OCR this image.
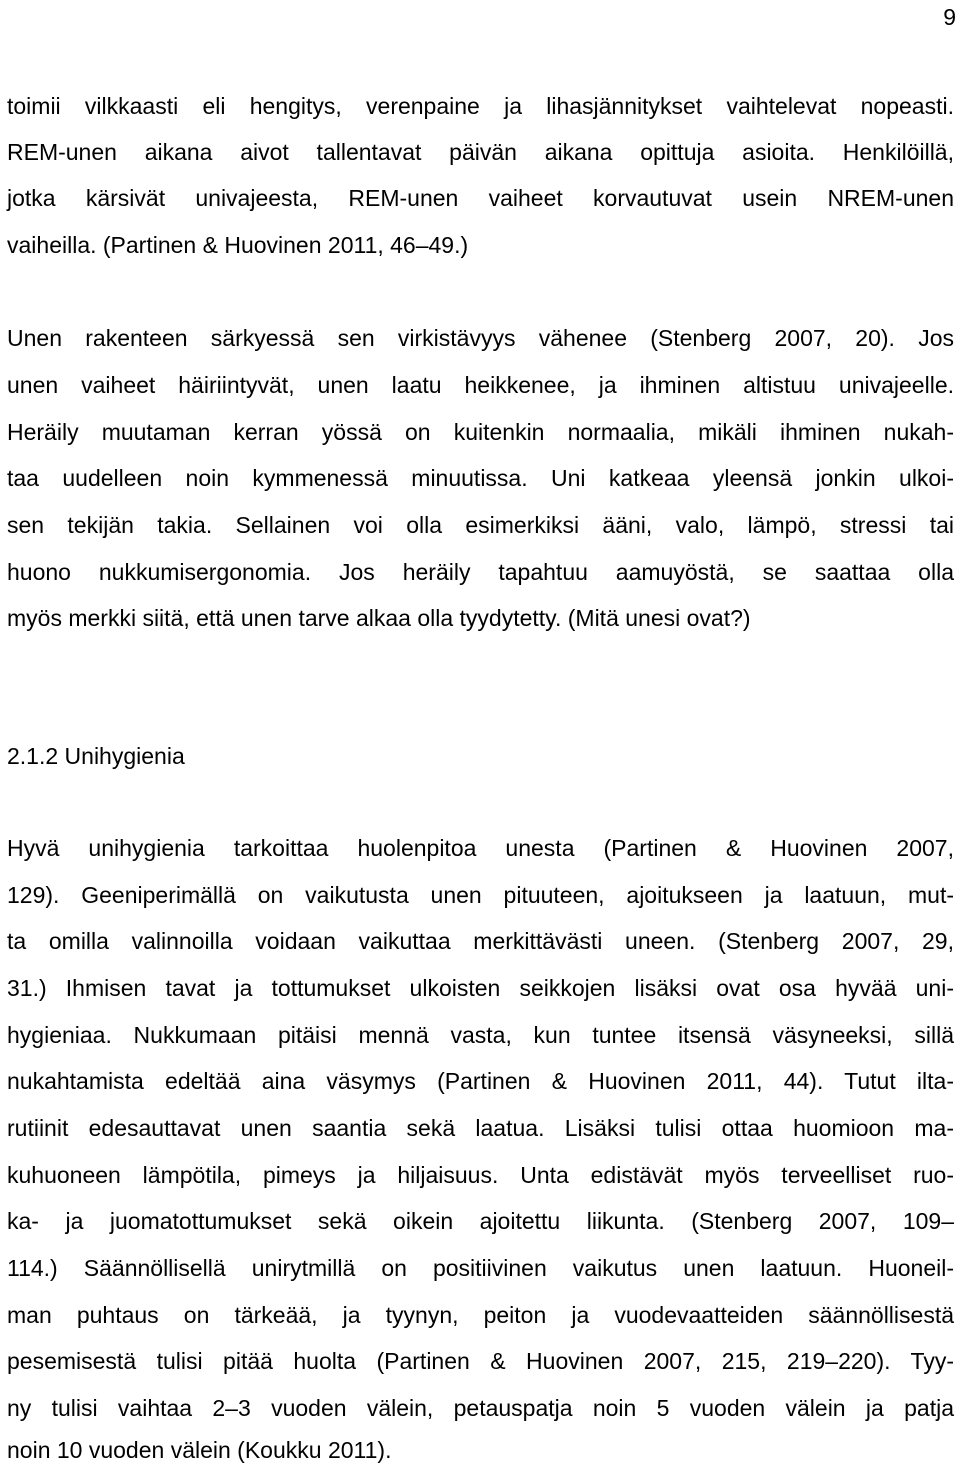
9
toimii vilkkaasti eli hengitys, verenpaine ja lihasjännitykset vaihtelevat nopeasti.
REM-unen aikana aivot tallentavat päivän aikana opittuja asioita. Henkilöillä,
jotka kärsivät univajeesta, REM-unen vaiheet korvautuvat usein NREM-unen
vaiheilla. (Partinen & Huovinen 2011, 46–49.)
Unen rakenteen särkyessä sen virkistävyys vähenee (Stenberg 2007, 20). Jos
unen vaiheet häiriintyvät, unen laatu heikkenee, ja ihminen altistuu univajeelle.
Heräily muutaman kerran yössä on kuitenkin normaalia, mikäli ihminen nukah-
taa uudelleen noin kymmenessä minuutissa. Uni katkeaa yleensä jonkin ulkoi-
sen tekijän takia. Sellainen voi olla esimerkiksi ääni, valo, lämpö, stressi tai
huono nukkumisergonomia. Jos heräily tapahtuu aamuyöstä, se saattaa olla
myös merkki siitä, että unen tarve alkaa olla tyydytetty. (Mitä unesi ovat?)
2.1.2 Unihygienia
Hyvä unihygienia tarkoittaa huolenpitoa unesta (Partinen & Huovinen 2007,
129). Geeniperimällä on vaikutusta unen pituuteen, ajoitukseen ja laatuun, mut-
ta omilla valinnoilla voidaan vaikuttaa merkittävästi uneen. (Stenberg 2007, 29,
31.) Ihmisen tavat ja tottumukset ulkoisten seikkojen lisäksi ovat osa hyvää uni-
hygieniaa. Nukkumaan pitäisi mennä vasta, kun tuntee itsensä väsyneeksi, sillä
nukahtamista edeltää aina väsymys (Partinen & Huovinen 2011, 44). Tutut ilta-
rutiinit edesauttavat unen saantia sekä laatua. Lisäksi tulisi ottaa huomioon ma-
kuhuoneen lämpötila, pimeys ja hiljaisuus. Unta edistävät myös terveelliset ruo-
ka- ja juomatottumukset sekä oikein ajoitettu liikunta. (Stenberg 2007, 109–
114.) Säännöllisellä unirytmillä on positiivinen vaikutus unen laatuun. Huoneil-
man puhtaus on tärkeää, ja tyynyn, peiton ja vuodevaatteiden säännöllisestä
pesemisestä tulisi pitää huolta (Partinen & Huovinen 2007, 215, 219–220). Tyy-
ny tulisi vaihtaa 2–3 vuoden välein, petauspatja noin 5 vuoden välein ja patja
noin 10 vuoden välein (Koukku 2011).
